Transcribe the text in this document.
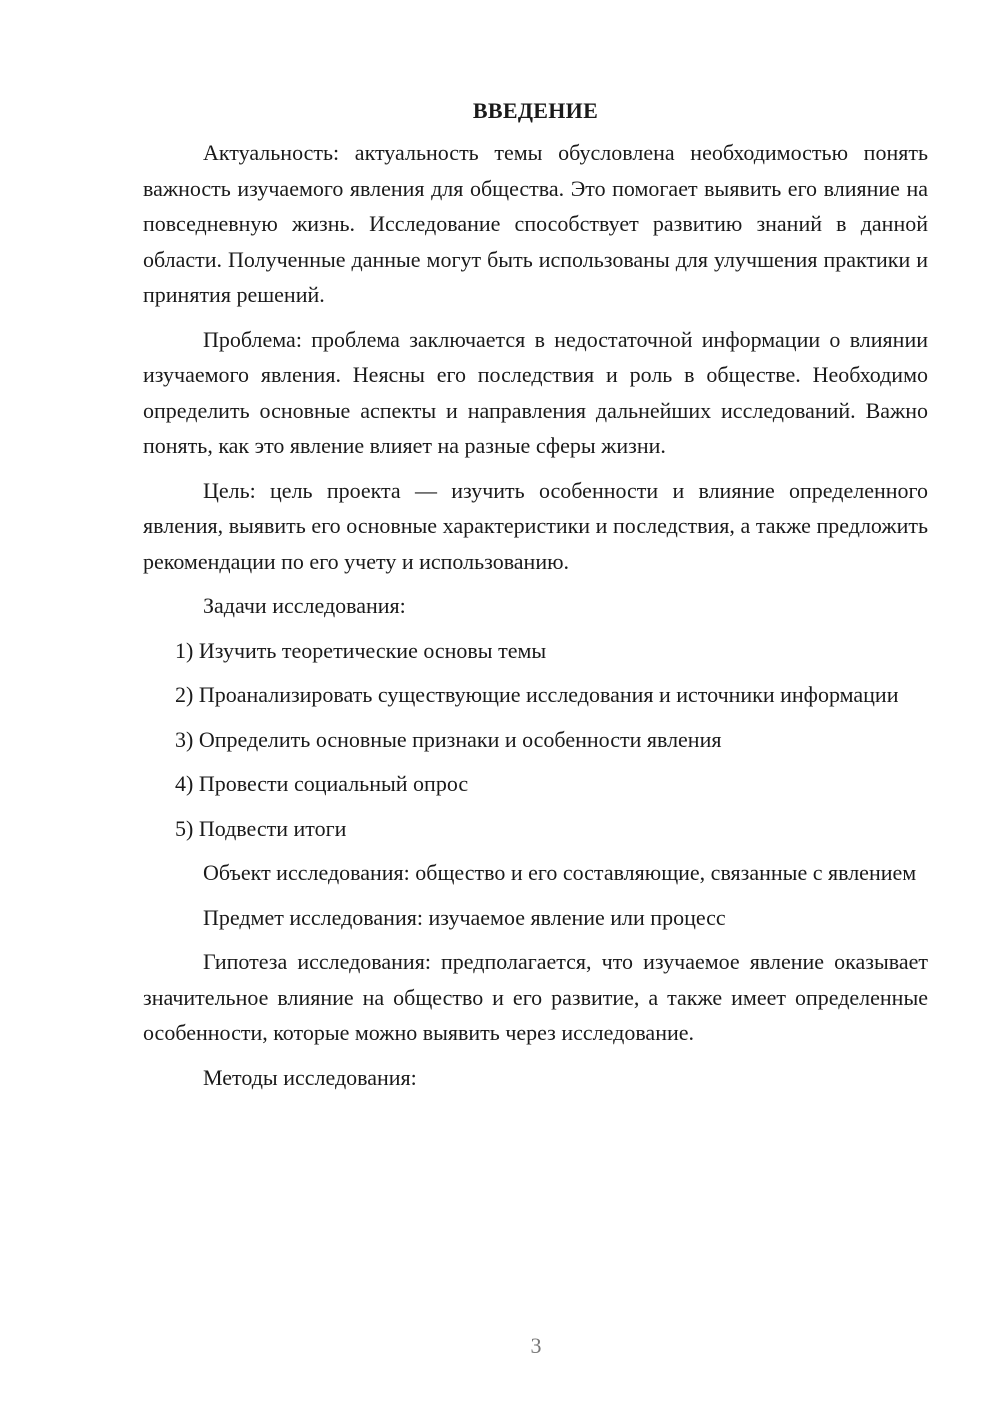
ВВЕДЕНИЕ

Актуальность: актуальность темы обусловлена необходимостью понять важность изучаемого явления для общества. Это помогает выявить его влияние на повседневную жизнь. Исследование способствует развитию знаний в данной области. Полученные данные могут быть использованы для улучшения практики и принятия решений.

Проблема: проблема заключается в недостаточной информации о влиянии изучаемого явления. Неясны его последствия и роль в обществе. Необходимо определить основные аспекты и направления дальнейших исследований. Важно понять, как это явление влияет на разные сферы жизни.

Цель: цель проекта — изучить особенности и влияние определенного явления, выявить его основные характеристики и последствия, а также предложить рекомендации по его учету и использованию.

Задачи исследования:

1) Изучить теоретические основы темы
2) Проанализировать существующие исследования и источники информации
3) Определить основные признаки и особенности явления
4) Провести социальный опрос
5) Подвести итоги

Объект исследования: общество и его составляющие, связанные с явлением

Предмет исследования: изучаемое явление или процесс

Гипотеза исследования: предполагается, что изучаемое явление оказывает значительное влияние на общество и его развитие, а также имеет определенные особенности, которые можно выявить через исследование.

Методы исследования:

3
